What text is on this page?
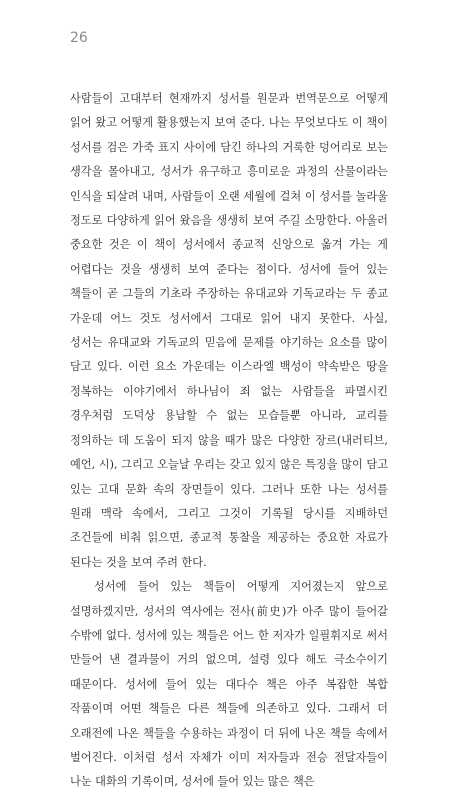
26

사람들이 고대부터 현재까지 성서를 원문과 번역문으로 어떻게 읽어 왔고 어떻게 활용했는지 보여 준다. 나는 무엇보다도 이 책이 성서를 검은 가죽 표지 사이에 담긴 하나의 거룩한 덩어리로 보는 생각을 몰아내고, 성서가 유구하고 흥미로운 과정의 산물이라는 인식을 되살려 내며, 사람들이 오랜 세월에 걸쳐 이 성서를 놀라울 정도로 다양하게 읽어 왔음을 생생히 보여 주길 소망한다. 아울러 중요한 것은 이 책이 성서에서 종교적 신앙으로 옮겨 가는 게 어렵다는 것을 생생히 보여 준다는 점이다. 성서에 들어 있는 책들이 곧 그들의 기초라 주장하는 유대교와 기독교라는 두 종교 가운데 어느 것도 성서에서 그대로 읽어 내지 못한다. 사실, 성서는 유대교와 기독교의 믿음에 문제를 야기하는 요소를 많이 담고 있다. 이런 요소 가운데는 이스라엘 백성이 약속받은 땅을 정복하는 이야기에서 하나님이 죄 없는 사람들을 파멸시킨 경우처럼 도덕상 용납할 수 없는 모습들뿐 아니라, 교리를 정의하는 데 도움이 되지 않을 때가 많은 다양한 장르(내러티브, 예언, 시), 그리고 오늘날 우리는 갖고 있지 않은 특징을 많이 담고 있는 고대 문화 속의 장면들이 있다. 그러나 또한 나는 성서를 원래 맥락 속에서, 그리고 그것이 기록될 당시를 지배하던 조건들에 비춰 읽으면, 종교적 통찰을 제공하는 중요한 자료가 된다는 것을 보여 주려 한다.

성서에 들어 있는 책들이 어떻게 지어졌는지 앞으로 설명하겠지만, 성서의 역사에는 전사(前史)가 아주 많이 들어갈 수밖에 없다. 성서에 있는 책들은 어느 한 저자가 일필휘지로 써서 만들어 낸 결과물이 거의 없으며, 설령 있다 해도 극소수이기 때문이다. 성서에 들어 있는 대다수 책은 아주 복잡한 복합 작품이며 어떤 책들은 다른 책들에 의존하고 있다. 그래서 더 오래전에 나온 책들을 수용하는 과정이 더 뒤에 나온 책들 속에서 벌어진다. 이처럼 성서 자체가 이미 저자들과 전승 전달자들이 나눈 대화의 기록이며, 성서에 들어 있는 많은 책은
